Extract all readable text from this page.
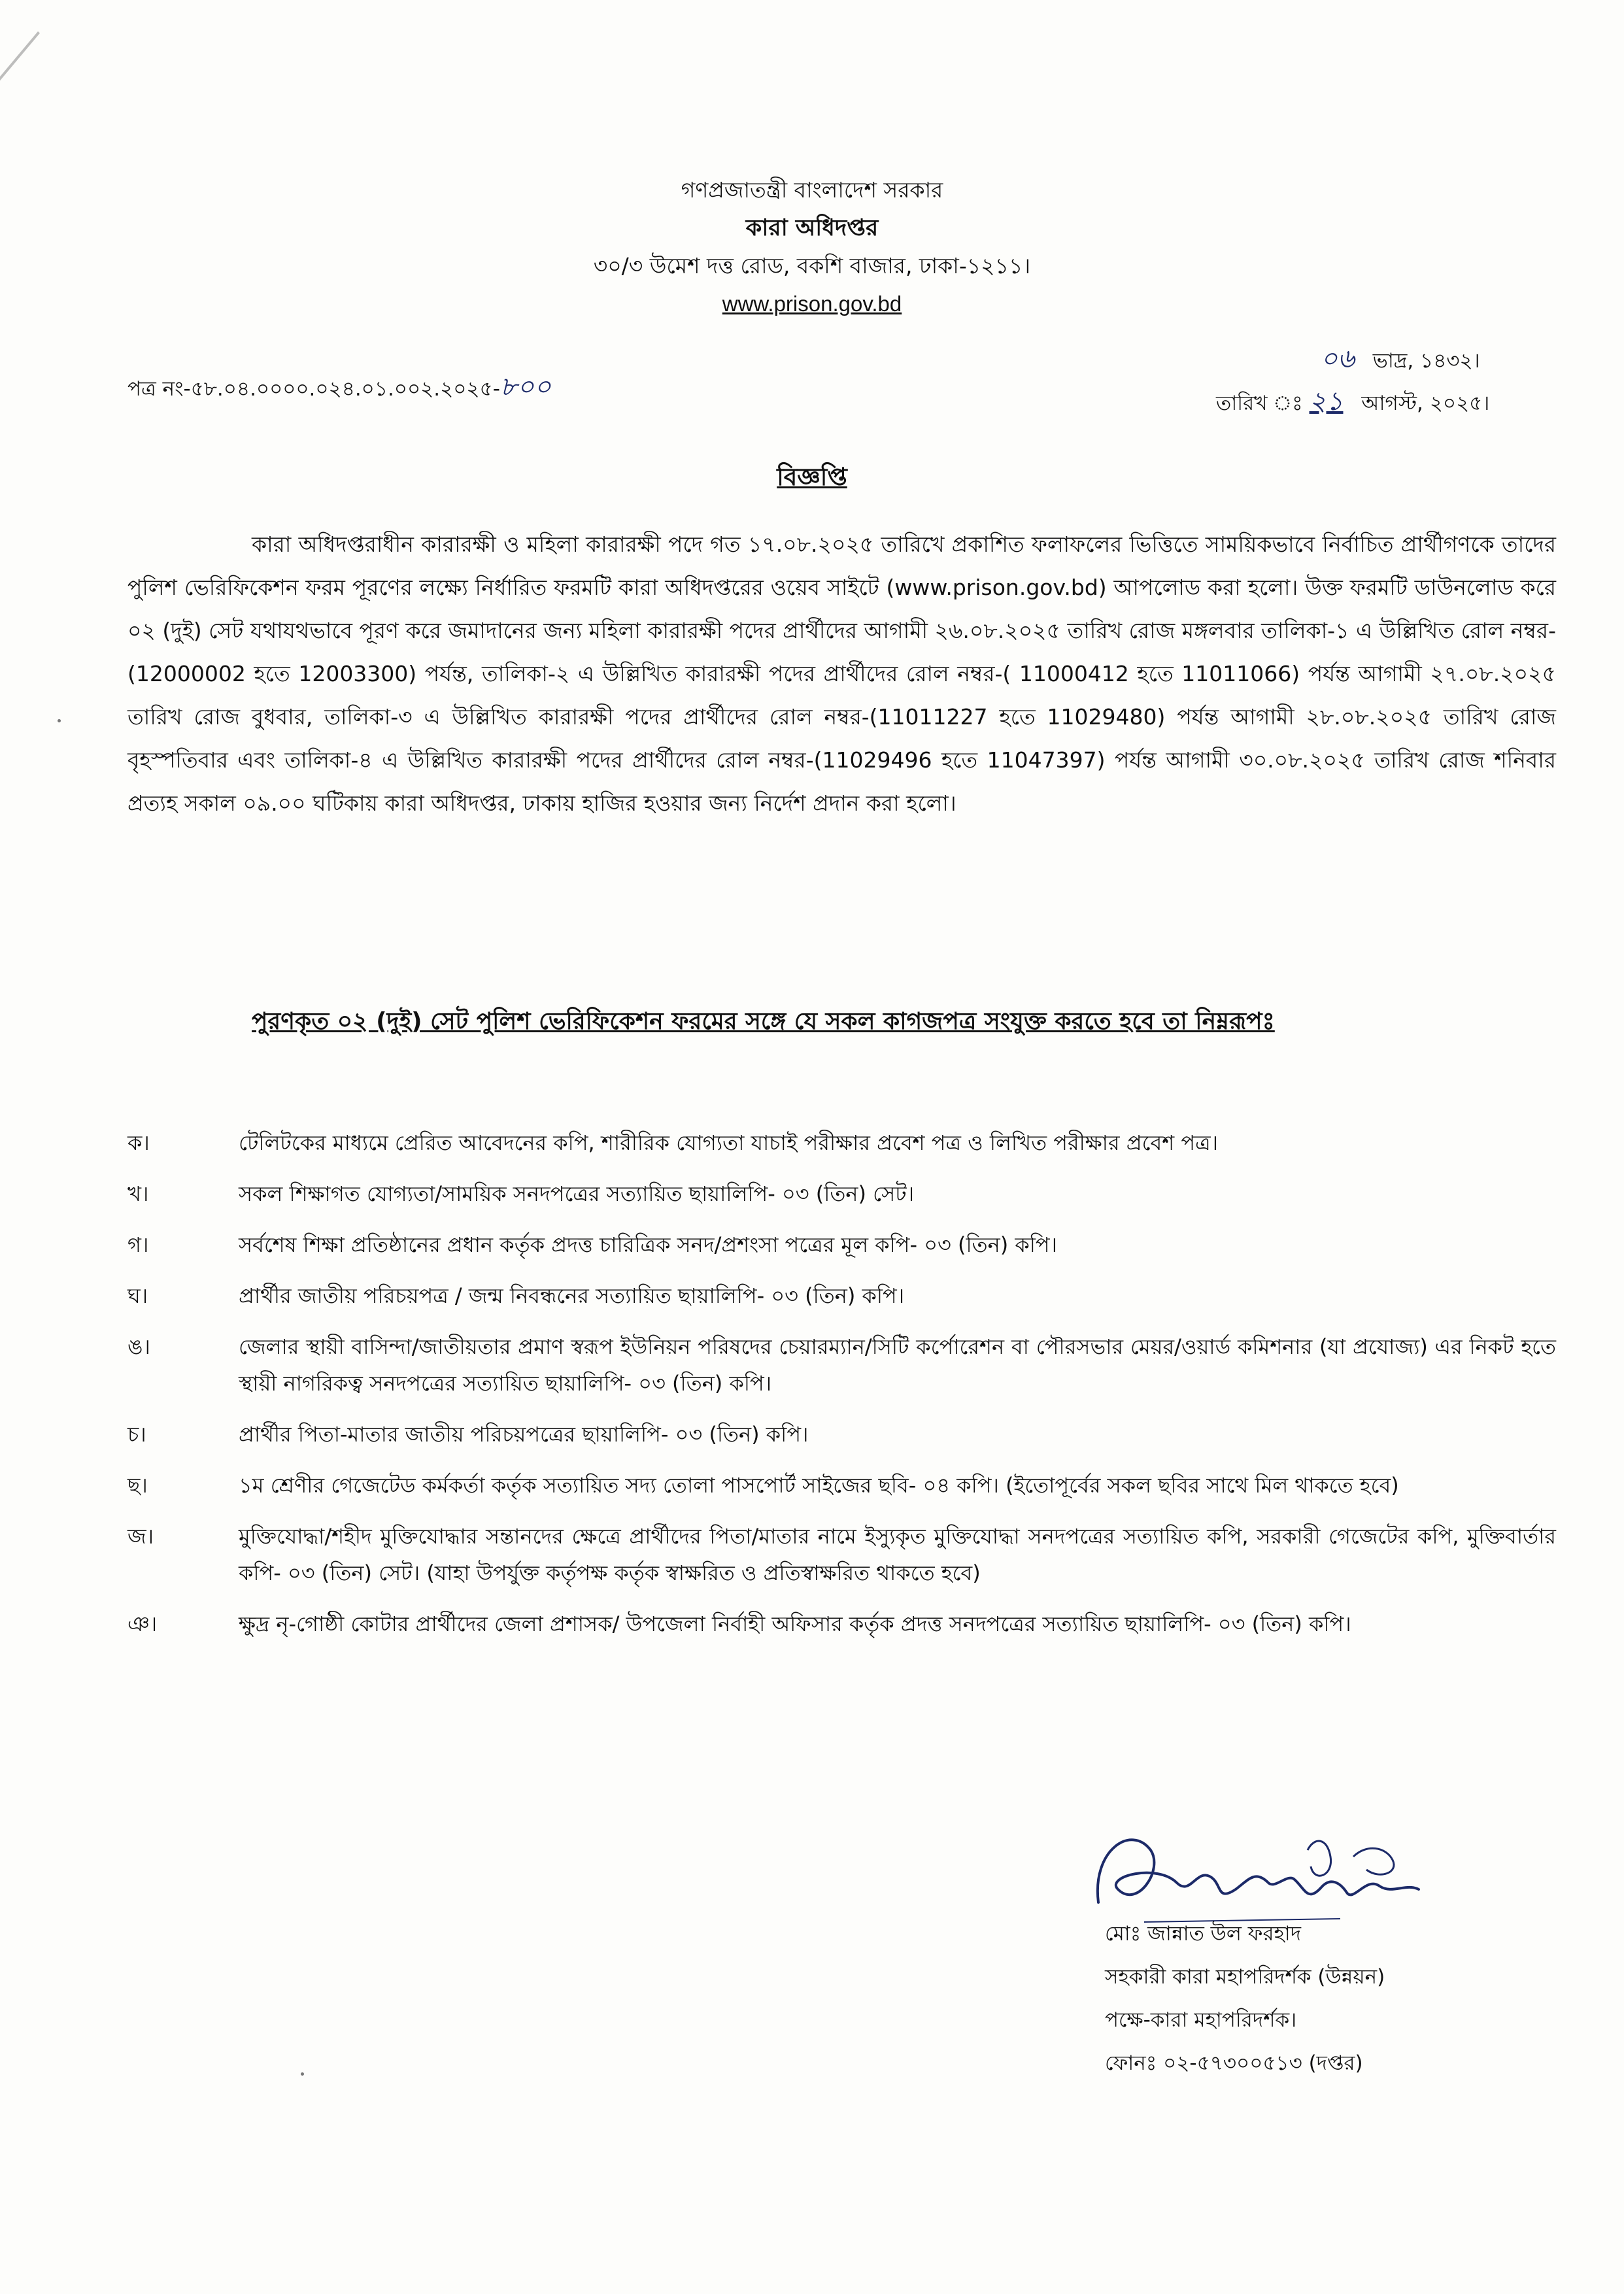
গণপ্রজাতন্ত্রী বাংলাদেশ সরকার
কারা অধিদপ্তর
৩০/৩ উমেশ দত্ত রোড, বকশি বাজার, ঢাকা-১২১১।
www.prison.gov.bd
পত্র নং-৫৮.০৪.০০০০.০২৪.০১.০০২.২০২৫-৮০০
০৬ ভাদ্র, ১৪৩২।
তারিখ ঃ ২১ আগস্ট, ২০২৫।
বিজ্ঞপ্তি
কারা অধিদপ্তরাধীন কারারক্ষী ও মহিলা কারারক্ষী পদে গত ১৭.০৮.২০২৫ তারিখে প্রকাশিত ফলাফলের ভিত্তিতে সাময়িকভাবে নির্বাচিত প্রার্থীগণকে তাদের পুলিশ ভেরিফিকেশন ফরম পূরণের লক্ষ্যে নির্ধারিত ফরমটি কারা অধিদপ্তরের ওয়েব সাইটে (www.prison.gov.bd) আপলোড করা হলো। উক্ত ফরমটি ডাউনলোড করে ০২ (দুই) সেট যথাযথভাবে পূরণ করে জমাদানের জন্য মহিলা কারারক্ষী পদের প্রার্থীদের আগামী ২৬.০৮.২০২৫ তারিখ রোজ মঙ্গলবার তালিকা-১ এ উল্লিখিত রোল নম্বর-(12000002 হতে 12003300) পর্যন্ত, তালিকা-২ এ উল্লিখিত কারারক্ষী পদের প্রার্থীদের রোল নম্বর-( 11000412 হতে 11011066) পর্যন্ত আগামী ২৭.০৮.২০২৫ তারিখ রোজ বুধবার, তালিকা-৩ এ উল্লিখিত কারারক্ষী পদের প্রার্থীদের রোল নম্বর-(11011227 হতে 11029480) পর্যন্ত আগামী ২৮.০৮.২০২৫ তারিখ রোজ বৃহস্পতিবার এবং তালিকা-৪ এ উল্লিখিত কারারক্ষী পদের প্রার্থীদের রোল নম্বর-(11029496 হতে 11047397) পর্যন্ত আগামী ৩০.০৮.২০২৫ তারিখ রোজ শনিবার প্রত্যহ সকাল ০৯.০০ ঘটিকায় কারা অধিদপ্তর, ঢাকায় হাজির হওয়ার জন্য নির্দেশ প্রদান করা হলো।
পুরণকৃত ০২ (দুই) সেট পুলিশ ভেরিফিকেশন ফরমের সঙ্গে যে সকল কাগজপত্র সংযুক্ত করতে হবে তা নিম্নরূপঃ
ক।	টেলিটকের মাধ্যমে প্রেরিত আবেদনের কপি, শারীরিক যোগ্যতা যাচাই পরীক্ষার প্রবেশ পত্র ও লিখিত পরীক্ষার প্রবেশ পত্র।
খ।	সকল শিক্ষাগত যোগ্যতা/সাময়িক সনদপত্রের সত্যায়িত ছায়ালিপি- ০৩ (তিন) সেট।
গ।	সর্বশেষ শিক্ষা প্রতিষ্ঠানের প্রধান কর্তৃক প্রদত্ত চারিত্রিক সনদ/প্রশংসা পত্রের মূল কপি- ০৩ (তিন) কপি।
ঘ।	প্রার্থীর জাতীয় পরিচয়পত্র / জন্ম নিবন্ধনের সত্যায়িত ছায়ালিপি- ০৩ (তিন) কপি।
ঙ।	জেলার স্থায়ী বাসিন্দা/জাতীয়তার প্রমাণ স্বরূপ ইউনিয়ন পরিষদের চেয়ারম্যান/সিটি কর্পোরেশন বা পৌরসভার মেয়র/ওয়ার্ড কমিশনার (যা প্রযোজ্য) এর নিকট হতে স্থায়ী নাগরিকত্ব সনদপত্রের সত্যায়িত ছায়ালিপি- ০৩ (তিন) কপি।
চ।	প্রার্থীর পিতা-মাতার জাতীয় পরিচয়পত্রের ছায়ালিপি- ০৩ (তিন) কপি।
ছ।	১ম শ্রেণীর গেজেটেড কর্মকর্তা কর্তৃক সত্যায়িত সদ্য তোলা পাসপোর্ট সাইজের ছবি- ০৪ কপি। (ইতোপূর্বের সকল ছবির সাথে মিল থাকতে হবে)
জ।	মুক্তিযোদ্ধা/শহীদ মুক্তিযোদ্ধার সন্তানদের ক্ষেত্রে প্রার্থীদের পিতা/মাতার নামে ইস্যুকৃত মুক্তিযোদ্ধা সনদপত্রের সত্যায়িত কপি, সরকারী গেজেটের কপি, মুক্তিবার্তার কপি- ০৩ (তিন) সেট। (যাহা উপর্যুক্ত কর্তৃপক্ষ কর্তৃক স্বাক্ষরিত ও প্রতিস্বাক্ষরিত থাকতে হবে)
ঞ।	ক্ষুদ্র নৃ-গোষ্ঠী কোটার প্রার্থীদের জেলা প্রশাসক/ উপজেলা নির্বাহী অফিসার কর্তৃক প্রদত্ত সনদপত্রের সত্যায়িত ছায়ালিপি- ০৩ (তিন) কপি।
মোঃ জান্নাত উল ফরহাদ
সহকারী কারা মহাপরিদর্শক (উন্নয়ন)
পক্ষে-কারা মহাপরিদর্শক।
ফোনঃ ০২-৫৭৩০০৫১৩ (দপ্তর)
